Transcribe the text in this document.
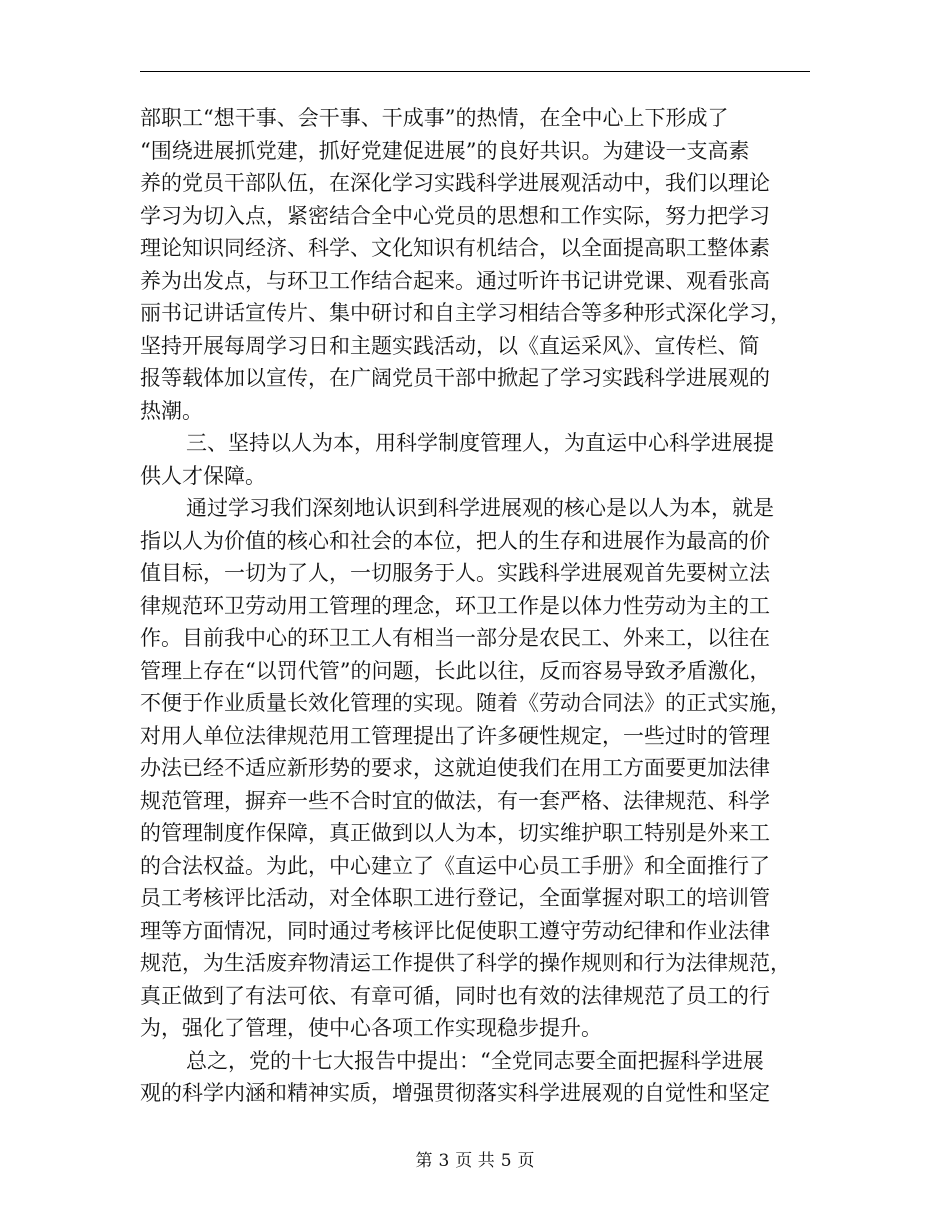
部职工“想干事、会干事、干成事”的热情，在全中心上下形成了
“围绕进展抓党建，抓好党建促进展”的良好共识。为建设一支高素
养的党员干部队伍，在深化学习实践科学进展观活动中，我们以理论
学习为切入点，紧密结合全中心党员的思想和工作实际，努力把学习
理论知识同经济、科学、文化知识有机结合，以全面提高职工整体素
养为出发点，与环卫工作结合起来。通过听许书记讲党课、观看张高
丽书记讲话宣传片、集中研讨和自主学习相结合等多种形式深化学习，
坚持开展每周学习日和主题实践活动，以《直运采风》、宣传栏、简
报等载体加以宣传，在广阔党员干部中掀起了学习实践科学进展观的
热潮。
三、坚持以人为本，用科学制度管理人，为直运中心科学进展提
供人才保障。
通过学习我们深刻地认识到科学进展观的核心是以人为本，就是
指以人为价值的核心和社会的本位，把人的生存和进展作为最高的价
值目标，一切为了人，一切服务于人。实践科学进展观首先要树立法
律规范环卫劳动用工管理的理念，环卫工作是以体力性劳动为主的工
作。目前我中心的环卫工人有相当一部分是农民工、外来工，以往在
管理上存在“以罚代管”的问题，长此以往，反而容易导致矛盾激化，
不便于作业质量长效化管理的实现。随着《劳动合同法》的正式实施，
对用人单位法律规范用工管理提出了许多硬性规定，一些过时的管理
办法已经不适应新形势的要求，这就迫使我们在用工方面要更加法律
规范管理，摒弃一些不合时宜的做法，有一套严格、法律规范、科学
的管理制度作保障，真正做到以人为本，切实维护职工特别是外来工
的合法权益。为此，中心建立了《直运中心员工手册》和全面推行了
员工考核评比活动，对全体职工进行登记，全面掌握对职工的培训管
理等方面情况，同时通过考核评比促使职工遵守劳动纪律和作业法律
规范，为生活废弃物清运工作提供了科学的操作规则和行为法律规范，
真正做到了有法可依、有章可循，同时也有效的法律规范了员工的行
为，强化了管理，使中心各项工作实现稳步提升。
总之，党的十七大报告中提出：“全党同志要全面把握科学进展
观的科学内涵和精神实质，增强贯彻落实科学进展观的自觉性和坚定
第 3 页 共 5 页
